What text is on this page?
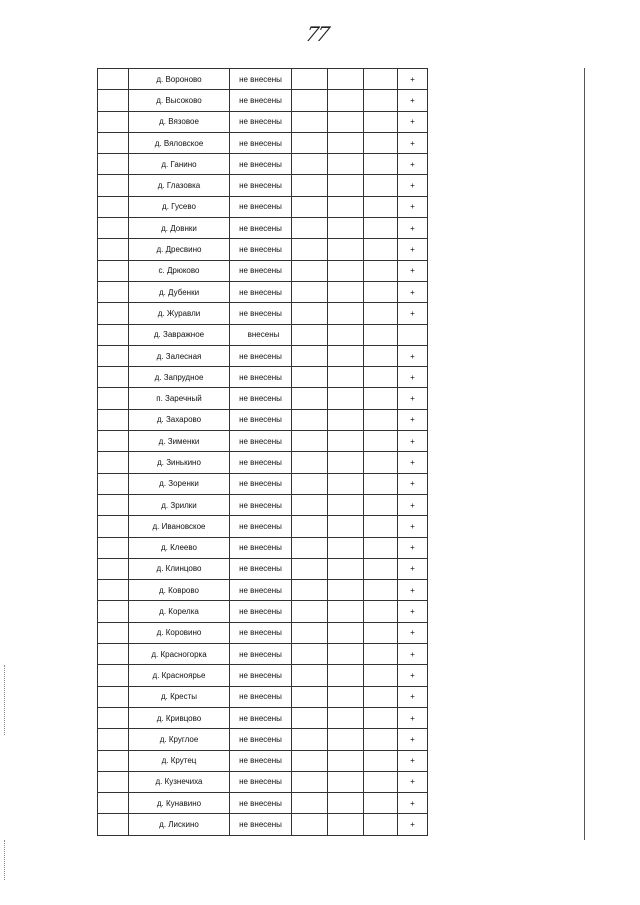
77
	д. Вороново	не внесены				+
	д. Высоково	не внесены				+
	д. Вязовое	не внесены				+
	д. Вяловское	не внесены				+
	д. Ганино	не внесены				+
	д. Глазовка	не внесены				+
	д. Гусево	не внесены				+
	д. Довнки	не внесены				+
	д. Дресвино	не внесены				+
	с. Дрюково	не внесены				+
	д. Дубенки	не внесены				+
	д. Журавли	не внесены				+
	д. Завражное	внесены				
	д. Залесная	не внесены				+
	д. Запрудное	не внесены				+
	п. Заречный	не внесены				+
	д. Захарово	не внесены				+
	д. Зименки	не внесены				+
	д. Зинькино	не внесены				+
	д. Зоренки	не внесены				+
	д. Зрилки	не внесены				+
	д. Ивановское	не внесены				+
	д. Клеево	не внесены				+
	д. Клинцово	не внесены				+
	д. Коврово	не внесены				+
	д. Корелка	не внесены				+
	д. Коровино	не внесены				+
	д. Красногорка	не внесены				+
	д. Красноярье	не внесены				+
	д. Кресты	не внесены				+
	д. Кривцово	не внесены				+
	д. Круглое	не внесены				+
	д. Крутец	не внесены				+
	д. Кузнечиха	не внесены				+
	д. Кунавино	не внесены				+
	д. Лискино	не внесены				+
